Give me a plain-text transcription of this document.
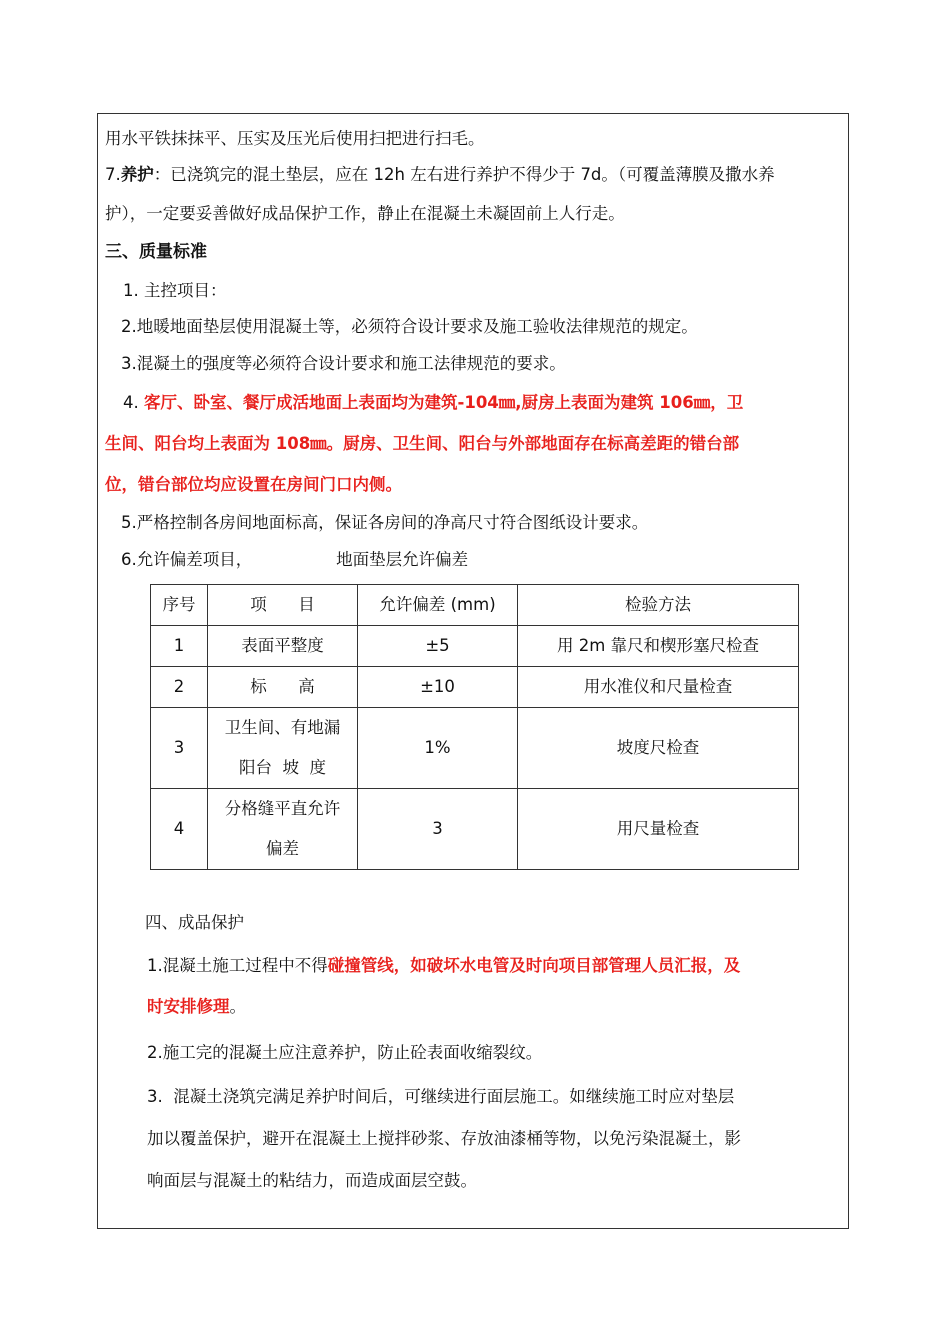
用水平铁抹抹平、压实及压光后使用扫把进行扫毛。
7.养护：已浇筑完的混土垫层，应在 12h 左右进行养护不得少于 7d。（可覆盖薄膜及撒水养
护），一定要妥善做好成品保护工作，静止在混凝土未凝固前上人行走。
三、质量标准
1. 主控项目：
2.地暖地面垫层使用混凝土等，必须符合设计要求及施工验收法律规范的规定。
3.混凝土的强度等必须符合设计要求和施工法律规范的要求。
4. 客厅、卧室、餐厅成活地面上表面均为建筑-104㎜,厨房上表面为建筑 106㎜，卫
生间、阳台均上表面为 108㎜。厨房、卫生间、阳台与外部地面存在标高差距的错台部
位，错台部位均应设置在房间门口内侧。
5.严格控制各房间地面标高，保证各房间的净高尺寸符合图纸设计要求。
6.允许偏差项目，                地面垫层允许偏差
序号	项      目	允许偏差 (mm)	检验方法
1	表面平整度	±5	用 2m 靠尺和楔形塞尺检查
2	标      高	±10	用水准仪和尺量检查
3	卫生间、有地漏
阳台  坡  度	1%	坡度尺检查
4	分格缝平直允许
偏差	3	用尺量检查
四、成品保护
1.混凝土施工过程中不得碰撞管线，如破坏水电管及时向项目部管理人员汇报，及
时安排修理。
2.施工完的混凝土应注意养护，防止砼表面收缩裂纹。
3.  混凝土浇筑完满足养护时间后，可继续进行面层施工。如继续施工时应对垫层
加以覆盖保护，避开在混凝土上搅拌砂浆、存放油漆桶等物，以免污染混凝土，影
响面层与混凝土的粘结力，而造成面层空鼓。
